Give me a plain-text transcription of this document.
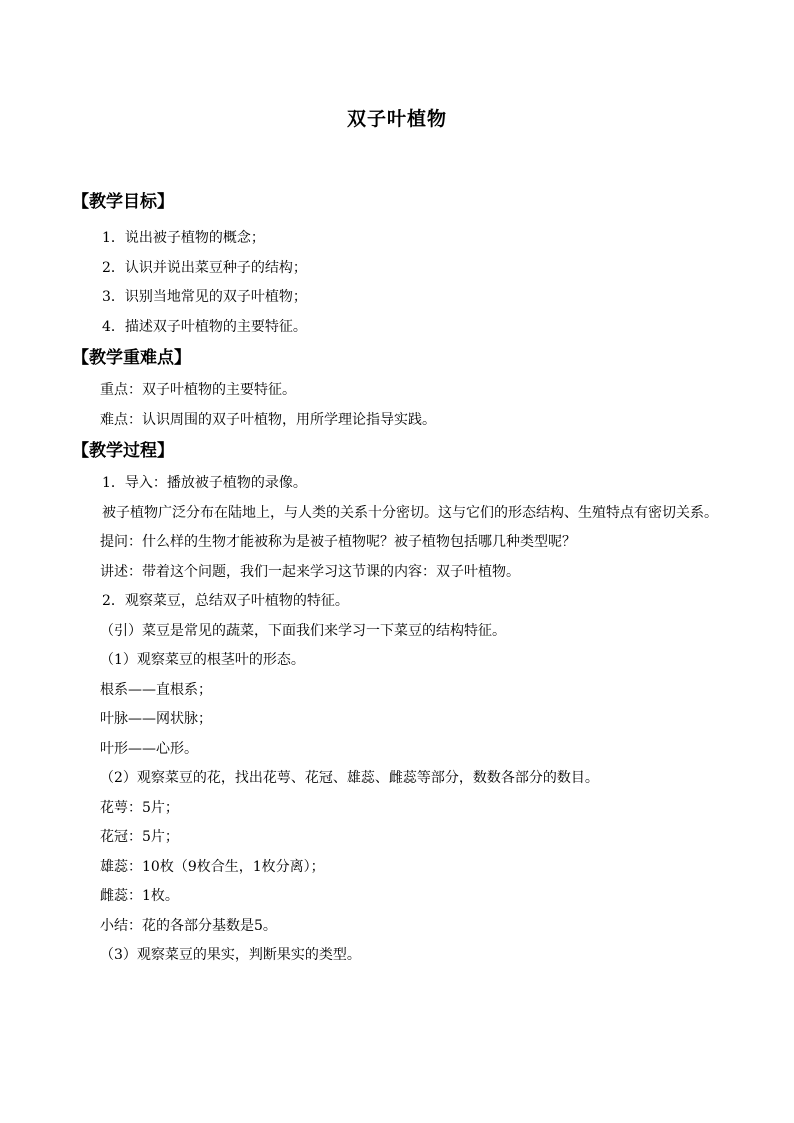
双子叶植物

【教学目标】

1．说出被子植物的概念；

2．认识并说出菜豆种子的结构；

3．识别当地常见的双子叶植物；

4．描述双子叶植物的主要特征。

【教学重难点】

重点：双子叶植物的主要特征。

难点：认识周围的双子叶植物，用所学理论指导实践。

【教学过程】

1．导入：播放被子植物的录像。

被子植物广泛分布在陆地上，与人类的关系十分密切。这与它们的形态结构、生殖特点有密切关系。

提问：什么样的生物才能被称为是被子植物呢？被子植物包括哪几种类型呢？

讲述：带着这个问题，我们一起来学习这节课的内容：双子叶植物。

2．观察菜豆，总结双子叶植物的特征。

（引）菜豆是常见的蔬菜，下面我们来学习一下菜豆的结构特征。

（1）观察菜豆的根茎叶的形态。

根系——直根系；

叶脉——网状脉；

叶形——心形。

（2）观察菜豆的花，找出花萼、花冠、雄蕊、雌蕊等部分，数数各部分的数目。

花萼：5片；

花冠：5片；

雄蕊：10枚（9枚合生，1枚分离）；

雌蕊：1枚。

小结：花的各部分基数是5。

（3）观察菜豆的果实，判断果实的类型。
